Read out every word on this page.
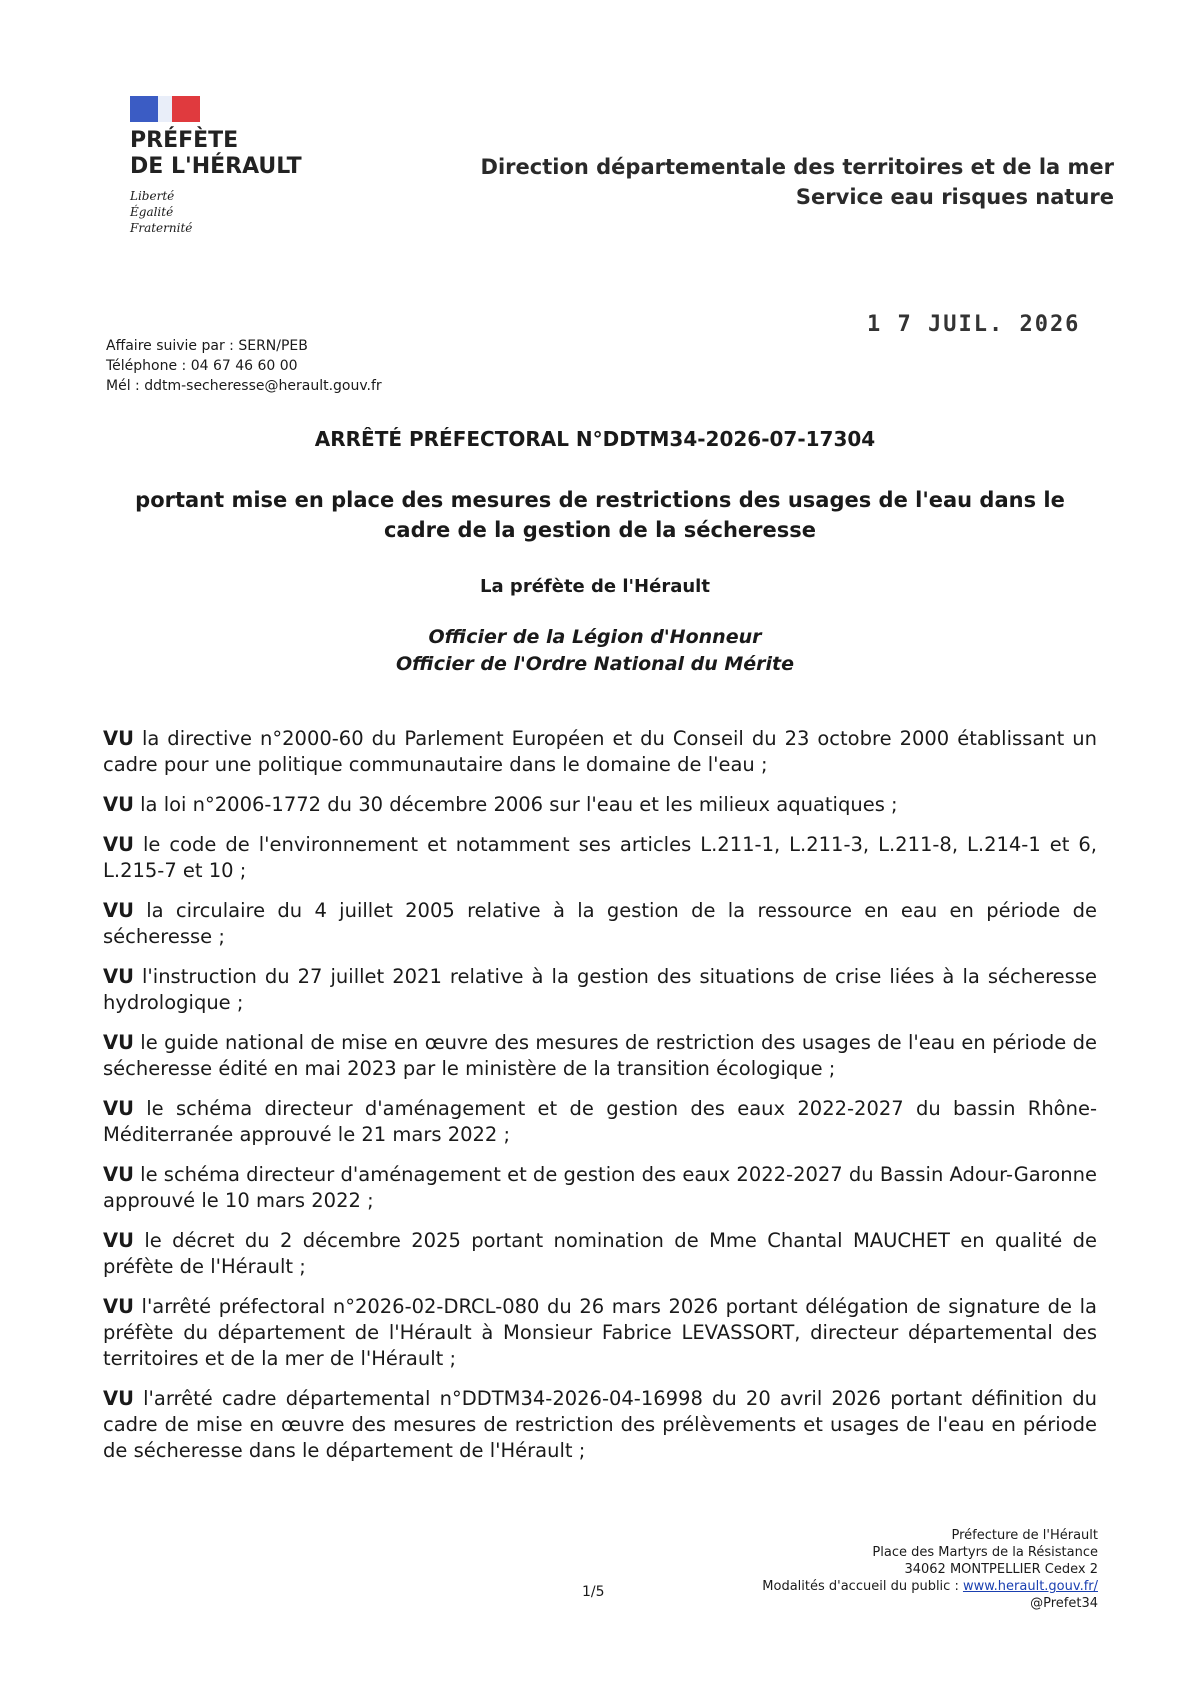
PRÉFÈTE
DE L'HÉRAULT
Liberté
Égalité
Fraternité
Direction départementale des territoires et de la mer
Service eau risques nature
1 7 JUIL. 2026
Affaire suivie par : SERN/PEB
Téléphone : 04 67 46 60 00
Mél : ddtm-secheresse@herault.gouv.fr
ARRÊTÉ PRÉFECTORAL N°DDTM34-2026-07-17304
portant mise en place des mesures de restrictions des usages de l'eau dans le cadre de la gestion de la sécheresse
La préfète de l'Hérault
Officier de la Légion d'Honneur
Officier de l'Ordre National du Mérite

VU la directive n°2000-60 du Parlement Européen et du Conseil du 23 octobre 2000 établissant un cadre pour une politique communautaire dans le domaine de l'eau ;

VU la loi n°2006-1772 du 30 décembre 2006 sur l'eau et les milieux aquatiques ;

VU le code de l'environnement et notamment ses articles L.211-1, L.211-3, L.211-8, L.214-1 et 6, L.215-7 et 10 ;

VU la circulaire du 4 juillet 2005 relative à la gestion de la ressource en eau en période de sécheresse ;

VU l'instruction du 27 juillet 2021 relative à la gestion des situations de crise liées à la sécheresse hydrologique ;

VU le guide national de mise en œuvre des mesures de restriction des usages de l'eau en période de sécheresse édité en mai 2023 par le ministère de la transition écologique ;

VU le schéma directeur d'aménagement et de gestion des eaux 2022-2027 du bassin Rhône-Méditerranée approuvé le 21 mars 2022 ;

VU le schéma directeur d'aménagement et de gestion des eaux 2022-2027 du Bassin Adour-Garonne approuvé le 10 mars 2022 ;

VU le décret du 2 décembre 2025 portant nomination de Mme Chantal MAUCHET en qualité de préfète de l'Hérault ;

VU l'arrêté préfectoral n°2026-02-DRCL-080 du 26 mars 2026 portant délégation de signature de la préfète du département de l'Hérault à Monsieur Fabrice LEVASSORT, directeur départemental des territoires et de la mer de l'Hérault ;

VU l'arrêté cadre départemental n°DDTM34-2026-04-16998 du 20 avril 2026 portant définition du cadre de mise en œuvre des mesures de restriction des prélèvements et usages de l'eau en période de sécheresse dans le département de l'Hérault ;

1/5
Préfecture de l'Hérault
Place des Martyrs de la Résistance
34062 MONTPELLIER Cedex 2
Modalités d'accueil du public : www.herault.gouv.fr/
@Prefet34
